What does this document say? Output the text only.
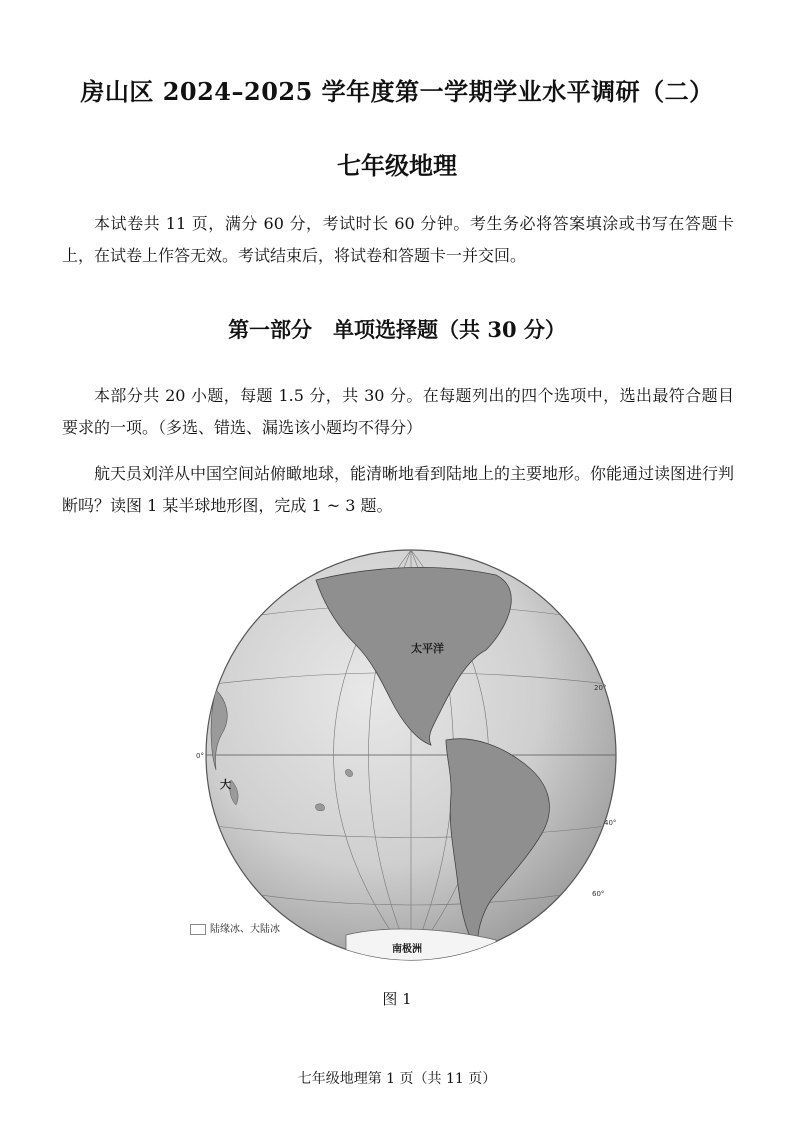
房山区 2024–2025 学年度第一学期学业水平调研（二）
七年级地理
本试卷共 11 页，满分 60 分，考试时长 60 分钟。考生务必将答案填涂或书写在答题卡上，在试卷上作答无效。考试结束后，将试卷和答题卡一并交回。
第一部分　单项选择题（共 30 分）
本部分共 20 小题，每题 1.5 分，共 30 分。在每题列出的四个选项中，选出最符合题目要求的一项。（多选、错选、漏选该小题均不得分）
航天员刘洋从中国空间站俯瞰地球，能清晰地看到陆地上的主要地形。你能通过读图进行判断吗？读图 1 某半球地形图，完成 1 ~ 3 题。
太平洋
大
南极洲
0°
20°
40°
60°
陆缘冰、大陆冰
图 1
七年级地理第 1 页（共 11 页）
